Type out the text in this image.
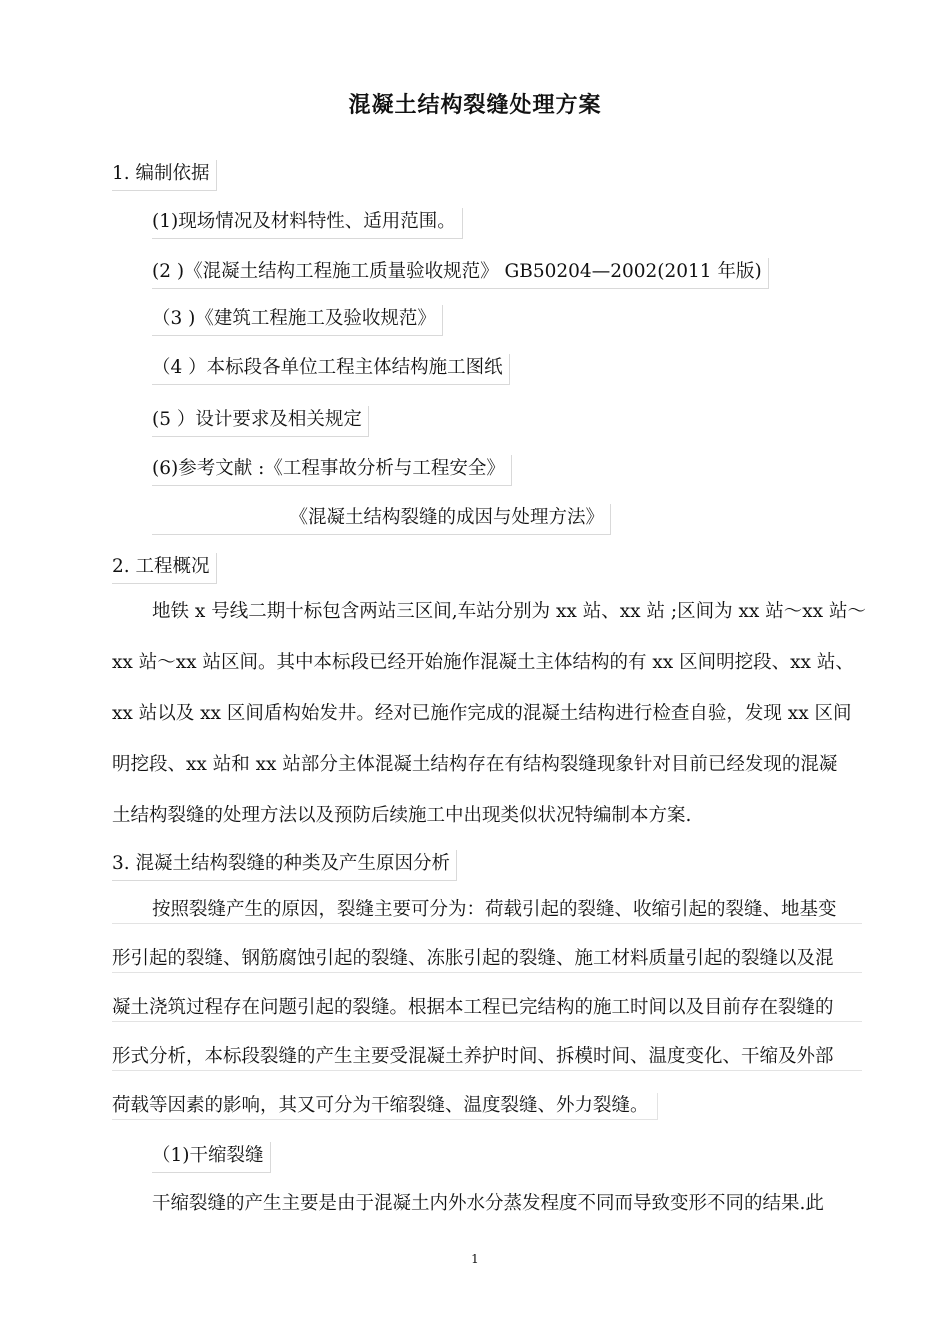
混凝土结构裂缝处理方案
1. 编制依据
(1)现场情况及材料特性、适用范围。
(2 )《混凝土结构工程施工质量验收规范》 GB50204—2002(2011 年版)
（3 )《建筑工程施工及验收规范》
（4 ）本标段各单位工程主体结构施工图纸
(5 ）设计要求及相关规定
(6)参考文献 :《工程事故分析与工程安全》
《混凝土结构裂缝的成因与处理方法》
2. 工程概况
地铁 x 号线二期十标包含两站三区间,车站分别为 xx 站、xx 站 ;区间为 xx 站～xx 站～
xx 站～xx 站区间。其中本标段已经开始施作混凝土主体结构的有 xx 区间明挖段、xx 站、
xx 站以及 xx 区间盾构始发井。经对已施作完成的混凝土结构进行检查自验，发现 xx 区间
明挖段、xx 站和 xx 站部分主体混凝土结构存在有结构裂缝现象针对目前已经发现的混凝
土结构裂缝的处理方法以及预防后续施工中出现类似状况特编制本方案.
3. 混凝土结构裂缝的种类及产生原因分析
按照裂缝产生的原因，裂缝主要可分为：荷载引起的裂缝、收缩引起的裂缝、地基变
形引起的裂缝、钢筋腐蚀引起的裂缝、冻胀引起的裂缝、施工材料质量引起的裂缝以及混
凝土浇筑过程存在问题引起的裂缝。根据本工程已完结构的施工时间以及目前存在裂缝的
形式分析，本标段裂缝的产生主要受混凝土养护时间、拆模时间、温度变化、干缩及外部
荷载等因素的影响，其又可分为干缩裂缝、温度裂缝、外力裂缝。
（1)干缩裂缝
干缩裂缝的产生主要是由于混凝土内外水分蒸发程度不同而导致变形不同的结果.此
1
